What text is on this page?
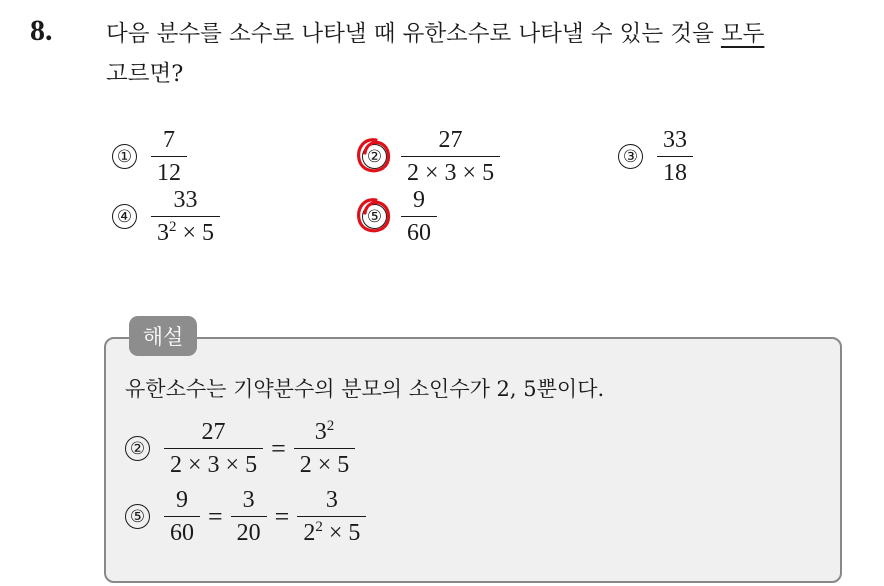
8. 다음 분수를 소수로 나타낼 때 유한소수로 나타낼 수 있는 것을 모두
고르면?
① $\frac{7}{12}$	② $\frac{27}{2 \times 3 \times 5}$	③ $\frac{33}{18}$
④ $\frac{33}{3^2 \times 5}$	⑤ $\frac{9}{60}$
해설
유한소수는 기약분수의 분모의 소인수가 2, 5뿐이다.
② $\frac{27}{2 \times 3 \times 5} = \frac{3^2}{2 \times 5}$
⑤ $\frac{9}{60} = \frac{3}{20} = \frac{3}{2^2 \times 5}$
